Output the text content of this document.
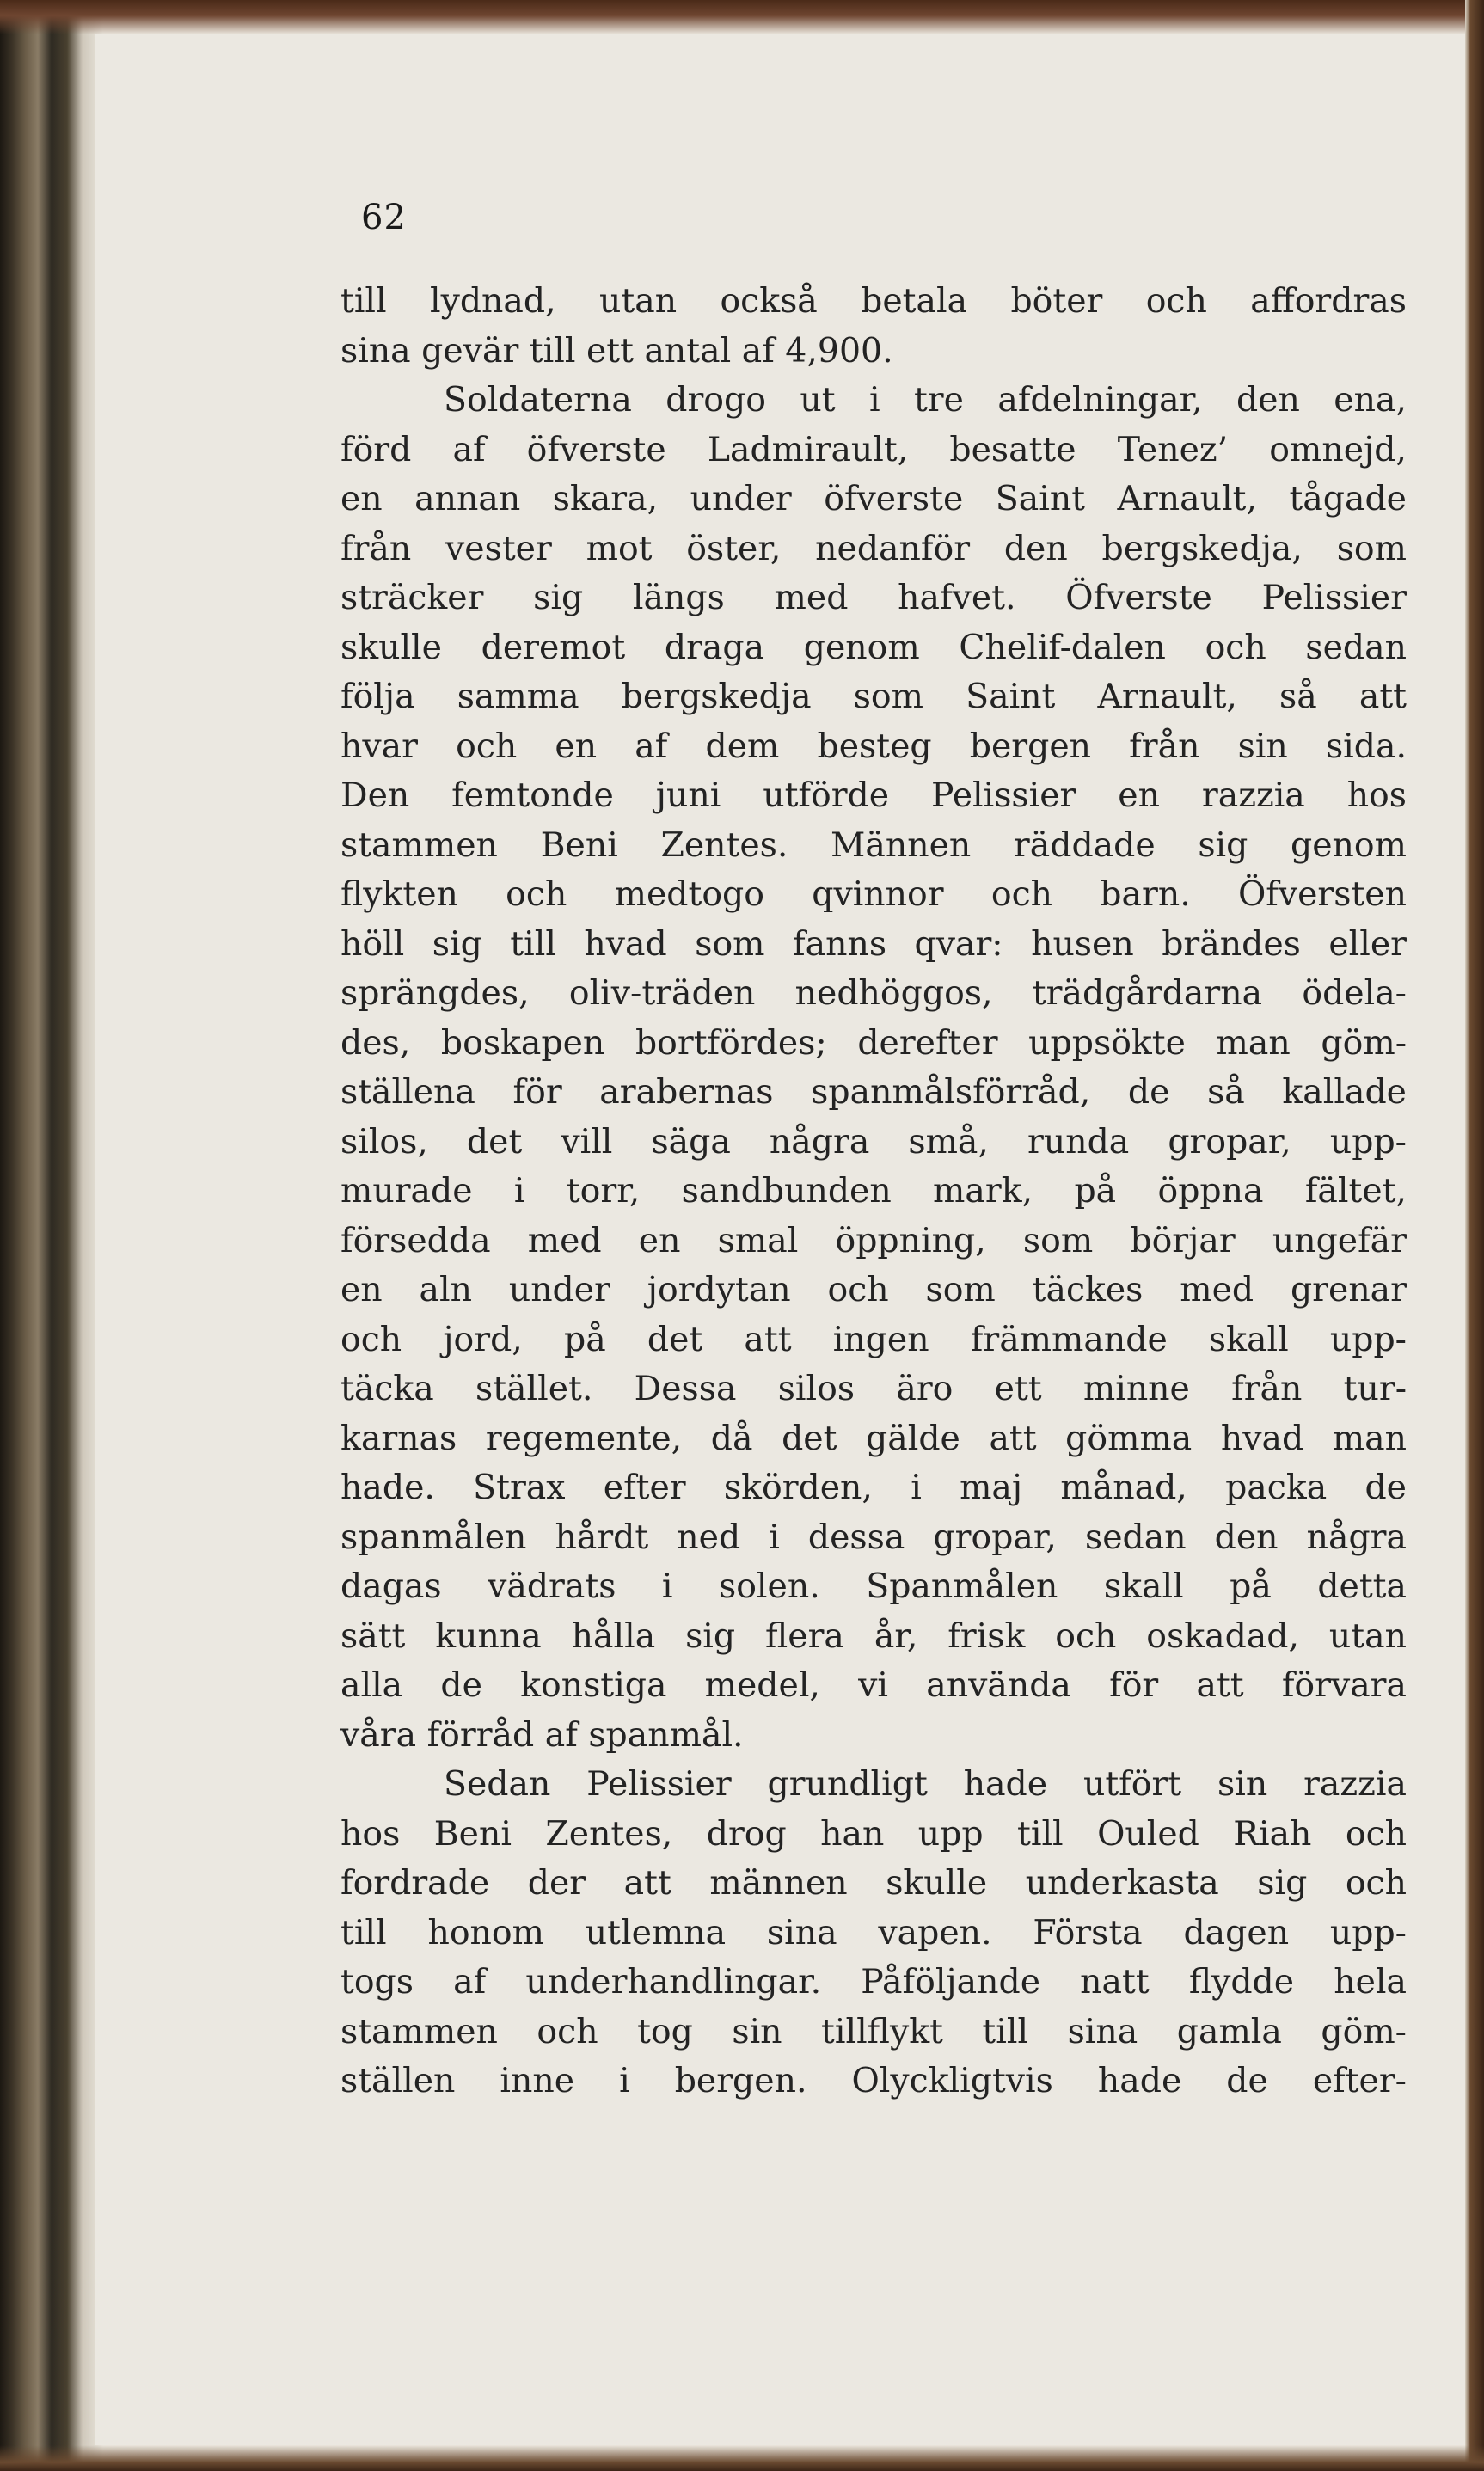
62
till lydnad, utan också betala böter och affordras
sina gevär till ett antal af 4,900.
Soldaterna drogo ut i tre afdelningar, den ena,
förd af öfverste Ladmirault, besatte Tenez’ omnejd,
en annan skara, under öfverste Saint Arnault, tågade
från vester mot öster, nedanför den bergskedja, som
sträcker sig längs med hafvet. Öfverste Pelissier
skulle deremot draga genom Chelif-dalen och sedan
följa samma bergskedja som Saint Arnault, så att
hvar och en af dem besteg bergen från sin sida.
Den femtonde juni utförde Pelissier en razzia hos
stammen Beni Zentes. Männen räddade sig genom
flykten och medtogo qvinnor och barn. Öfversten
höll sig till hvad som fanns qvar: husen brändes eller
sprängdes, oliv-träden nedhöggos, trädgårdarna ödela-
des, boskapen bortfördes; derefter uppsökte man göm-
ställena för arabernas spanmålsförråd, de så kallade
silos, det vill säga några små, runda gropar, upp-
murade i torr, sandbunden mark, på öppna fältet,
försedda med en smal öppning, som börjar ungefär
en aln under jordytan och som täckes med grenar
och jord, på det att ingen främmande skall upp-
täcka stället. Dessa silos äro ett minne från tur-
karnas regemente, då det gälde att gömma hvad man
hade. Strax efter skörden, i maj månad, packa de
spanmålen hårdt ned i dessa gropar, sedan den några
dagas vädrats i solen. Spanmålen skall på detta
sätt kunna hålla sig flera år, frisk och oskadad, utan
alla de konstiga medel, vi använda för att förvara
våra förråd af spanmål.
Sedan Pelissier grundligt hade utfört sin razzia
hos Beni Zentes, drog han upp till Ouled Riah och
fordrade der att männen skulle underkasta sig och
till honom utlemna sina vapen. Första dagen upp-
togs af underhandlingar. Påföljande natt flydde hela
stammen och tog sin tillflykt till sina gamla göm-
ställen inne i bergen. Olyckligtvis hade de efter-
